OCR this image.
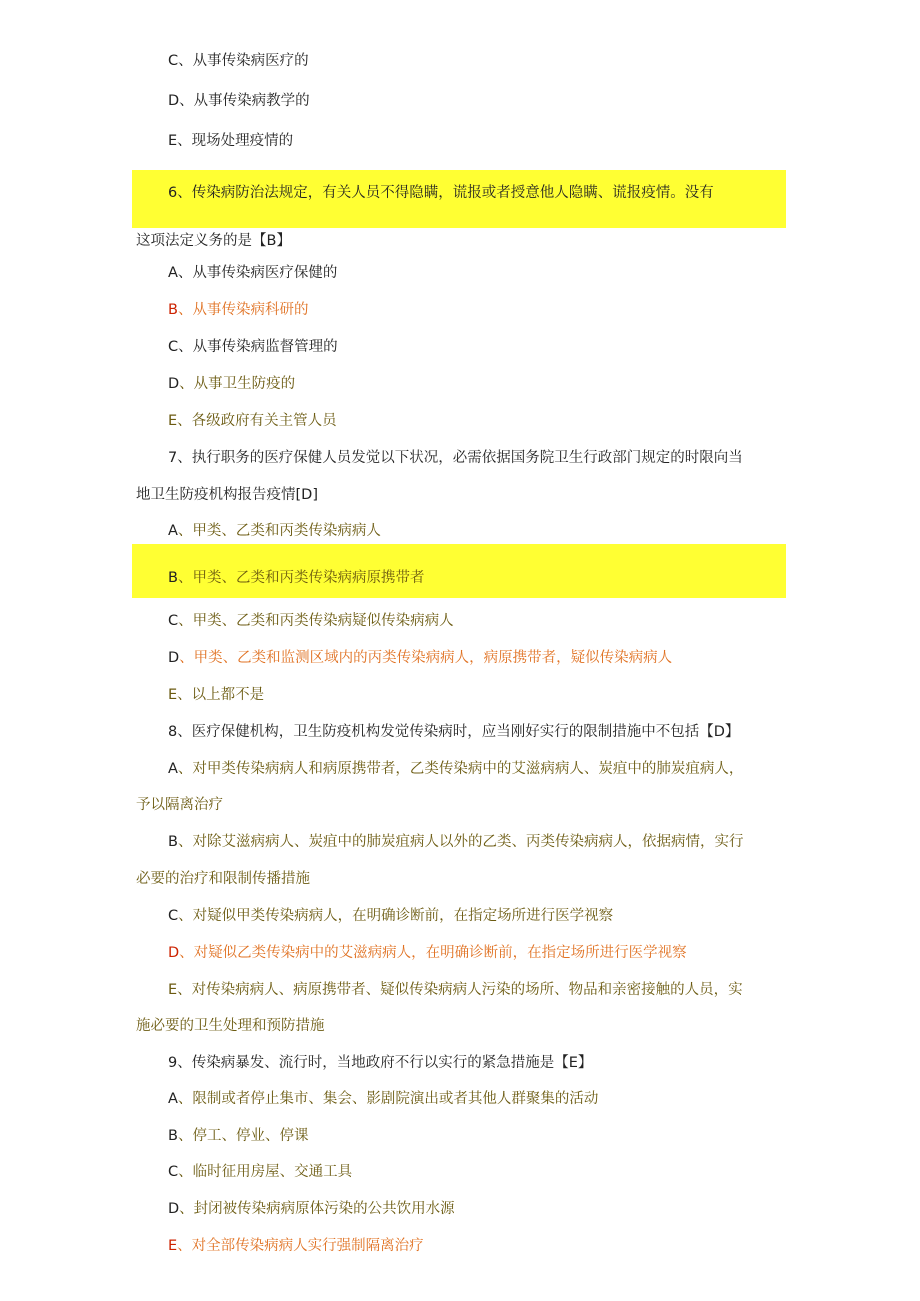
C、从事传染病医疗的
D、从事传染病教学的
E、现场处理疫情的
6、传染病防治法规定，有关人员不得隐瞒，谎报或者授意他人隐瞒、谎报疫情。没有
这项法定义务的是【B】
A、从事传染病医疗保健的
B、从事传染病科研的
C、从事传染病监督管理的
D、从事卫生防疫的
E、各级政府有关主管人员
7、执行职务的医疗保健人员发觉以下状况，必需依据国务院卫生行政部门规定的时限向当
地卫生防疫机构报告疫情[D]
A、甲类、乙类和丙类传染病病人
B、甲类、乙类和丙类传染病病原携带者
C、甲类、乙类和丙类传染病疑似传染病病人
D、甲类、乙类和监测区域内的丙类传染病病人，病原携带者，疑似传染病病人
E、以上都不是
8、医疗保健机构，卫生防疫机构发觉传染病时，应当刚好实行的限制措施中不包括【D】
A、对甲类传染病病人和病原携带者，乙类传染病中的艾滋病病人、炭疽中的肺炭疽病人，
予以隔离治疗
B、对除艾滋病病人、炭疽中的肺炭疽病人以外的乙类、丙类传染病病人，依据病情，实行
必要的治疗和限制传播措施
C、对疑似甲类传染病病人，在明确诊断前，在指定场所进行医学视察
D、对疑似乙类传染病中的艾滋病病人，在明确诊断前，在指定场所进行医学视察
E、对传染病病人、病原携带者、疑似传染病病人污染的场所、物品和亲密接触的人员，实
施必要的卫生处理和预防措施
9、传染病暴发、流行时，当地政府不行以实行的紧急措施是【E】
A、限制或者停止集市、集会、影剧院演出或者其他人群聚集的活动
B、停工、停业、停课
C、临时征用房屋、交通工具
D、封闭被传染病病原体污染的公共饮用水源
E、对全部传染病病人实行强制隔离治疗
